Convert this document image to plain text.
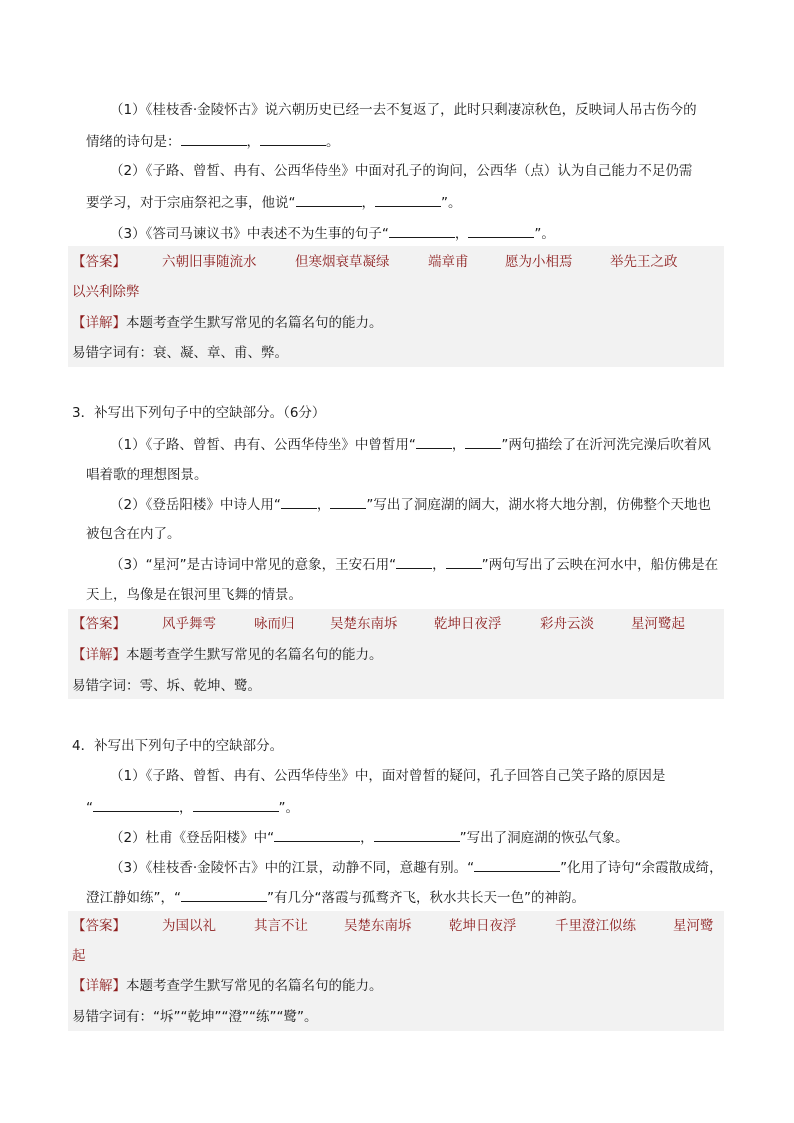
（1）《桂枝香·金陵怀古》说六朝历史已经一去不复返了，此时只剩凄凉秋色，反映词人吊古伤今的
情绪的诗句是：	，	。
（2）《子路、曾皙、冉有、公西华侍坐》中面对孔子的询问，公西华（点）认为自己能力不足仍需
要学习，对于宗庙祭祀之事，他说“	，	”。
（3）《答司马谏议书》中表述不为生事的句子“	，	”。
【答案】	六朝旧事随流水	但寒烟衰草凝绿	端章甫	愿为小相焉	举先王之政
以兴利除弊
【详解】本题考查学生默写常见的名篇名句的能力。
易错字词有：衰、凝、章、甫、弊。
3．补写出下列句子中的空缺部分。（6分）
（1）《子路、曾皙、冉有、公西华侍坐》中曾皙用“	，	”两句描绘了在沂河洗完澡后吹着风
唱着歌的理想图景。
（2）《登岳阳楼》中诗人用“	，	”写出了洞庭湖的阔大，湖水将大地分割，仿佛整个天地也
被包含在内了。
（3）“星河”是古诗词中常见的意象，王安石用“	，	”两句写出了云映在河水中，船仿佛是在
天上，鸟像是在银河里飞舞的情景。
【答案】	风乎舞雩	咏而归	吴楚东南坼	乾坤日夜浮	彩舟云淡	星河鹭起
【详解】本题考查学生默写常见的名篇名句的能力。
易错字词：雩、坼、乾坤、鹭。
4．补写出下列句子中的空缺部分。
（1）《子路、曾皙、冉有、公西华侍坐》中，面对曾皙的疑问，孔子回答自己笑子路的原因是
“	，	”。
（2）杜甫《登岳阳楼》中“	，	”写出了洞庭湖的恢弘气象。
（3）《桂枝香·金陵怀古》中的江景，动静不同，意趣有别。“	”化用了诗句“余霞散成绮，
澄江静如练”，“	”有几分“落霞与孤鹜齐飞，秋水共长天一色”的神韵。
【答案】	为国以礼	其言不让	吴楚东南坼	乾坤日夜浮	千里澄江似练	星河鹭
起
【详解】本题考查学生默写常见的名篇名句的能力。
易错字词有：“坼”“乾坤”“澄”“练”“鹭”。
